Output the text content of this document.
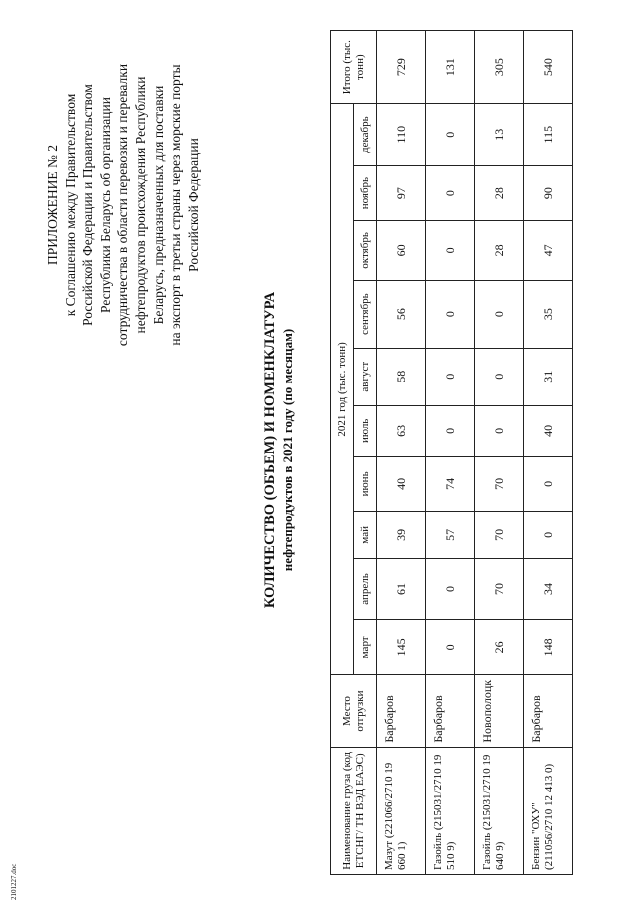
ПРИЛОЖЕНИЕ № 2 к Соглашению между Правительством Российской Федерации и Правительством Республики Беларусь об организации сотрудничества в области перевозки и перевалки нефтепродуктов происхождения Республики Беларусь, предназначенных для поставки на экспорт в третьи страны через морские порты Российской Федерации
КОЛИЧЕСТВО (ОБЪЕМ) И НОМЕНКЛАТУРА нефтепродуктов в 2021 году (по месяцам)
Наименование груза (код ЕТСНГ/ ТН ВЭД ЕАЭС)	Место отгрузки	2021 год (тыс. тонн)										Итого (тыс. тонн)
		март	апрель	май	июнь	июль	август	сентябрь	октябрь	ноябрь	декабрь	
Мазут (221066/2710 19 660 1)	Барбаров	145	61	39	40	63	58	56	60	97	110	729
Газойль (215031/2710 19 510 9)	Барбаров	0	0	57	74	0	0	0	0	0	0	131
Газойль (215031/2710 19 640 9)	Новополоцк	26	70	70	70	0	0	0	28	28	13	305
Бензин "ОХУ" (211056/2710 12 413 0)	Барбаров	148	34	0	0	40	31	35	47	90	115	540
2101227.doc
